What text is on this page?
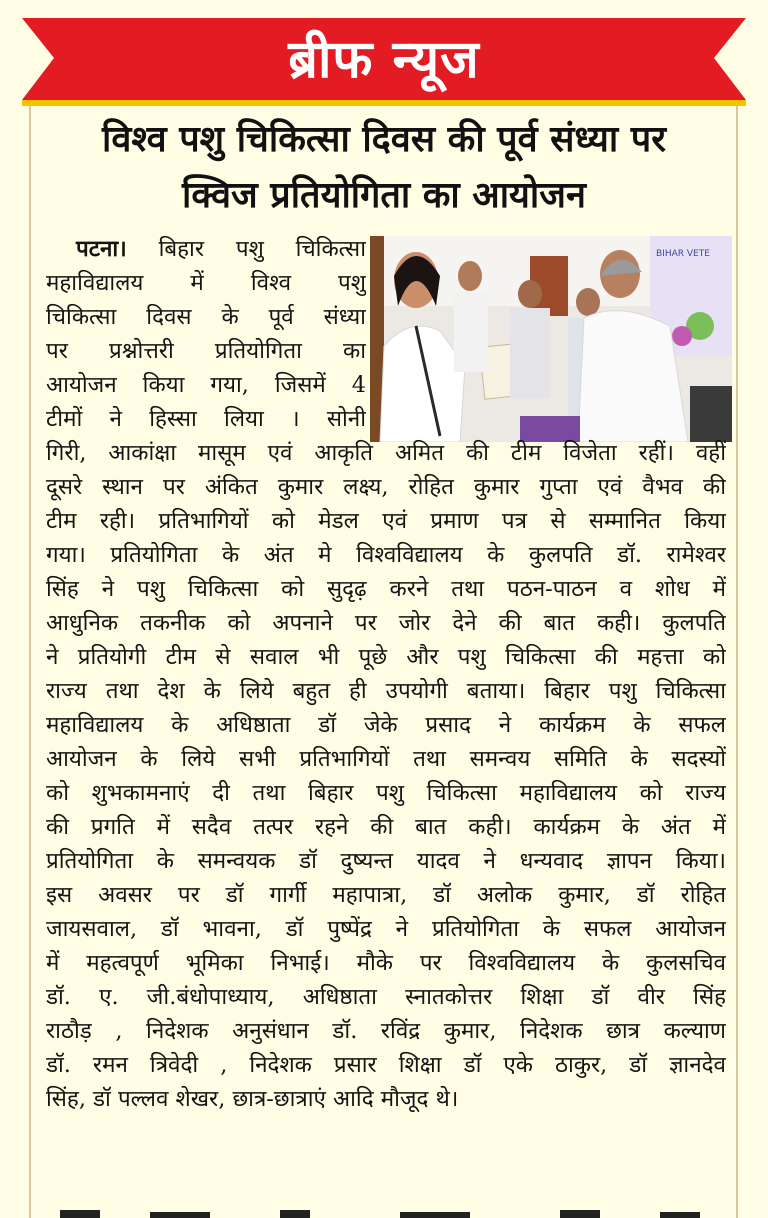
ब्रीफ न्यूज
विश्व पशु चिकित्सा दिवस की पूर्व संध्या पर
क्विज प्रतियोगिता का आयोजन
BIHAR VETE
पटना। बिहार पशु चिकित्सा
महाविद्यालय में विश्व पशु
चिकित्सा दिवस के पूर्व संध्या
पर प्रश्नोत्तरी प्रतियोगिता का
आयोजन किया गया, जिसमें 4
टीमों ने हिस्सा लिया । सोनी
गिरी, आकांक्षा मासूम एवं आकृति अमित की टीम विजेता रहीं। वहीं
दूसरे स्थान पर अंकित कुमार लक्ष्य, रोहित कुमार गुप्ता एवं वैभव की
टीम रही। प्रतिभागियों को मेडल एवं प्रमाण पत्र से सम्मानित किया
गया। प्रतियोगिता के अंत मे विश्वविद्यालय के कुलपति डॉ. रामेश्वर
सिंह ने पशु चिकित्सा को सुदृढ़ करने तथा पठन-पाठन व शोध में
आधुनिक तकनीक को अपनाने पर जोर देने की बात कही। कुलपति
ने प्रतियोगी टीम से सवाल भी पूछे और पशु चिकित्सा की महत्ता को
राज्य तथा देश के लिये बहुत ही उपयोगी बताया। बिहार पशु चिकित्सा
महाविद्यालय के अधिष्ठाता डॉ जेके प्रसाद ने कार्यक्रम के सफल
आयोजन के लिये सभी प्रतिभागियों तथा समन्वय समिति के सदस्यों
को शुभकामनाएं दी तथा बिहार पशु चिकित्सा महाविद्यालय को राज्य
की प्रगति में सदैव तत्पर रहने की बात कही। कार्यक्रम के अंत में
प्रतियोगिता के समन्वयक डॉ दुष्यन्त यादव ने धन्यवाद ज्ञापन किया।
इस अवसर पर डॉ गार्गी महापात्रा, डॉ अलोक कुमार, डॉ रोहित
जायसवाल, डॉ भावना, डॉ पुष्पेंद्र ने प्रतियोगिता के सफल आयोजन
में महत्वपूर्ण भूमिका निभाई। मौके पर विश्वविद्यालय के कुलसचिव
डॉ. ए. जी.बंधोपाध्याय, अधिष्ठाता स्नातकोत्तर शिक्षा डॉ वीर सिंह
राठौड़ , निदेशक अनुसंधान डॉ. रविंद्र कुमार, निदेशक छात्र कल्याण
डॉ. रमन त्रिवेदी , निदेशक प्रसार शिक्षा डॉ एके ठाकुर, डॉ ज्ञानदेव
सिंह, डॉ पल्लव शेखर, छात्र-छात्राएं आदि मौजूद थे।
